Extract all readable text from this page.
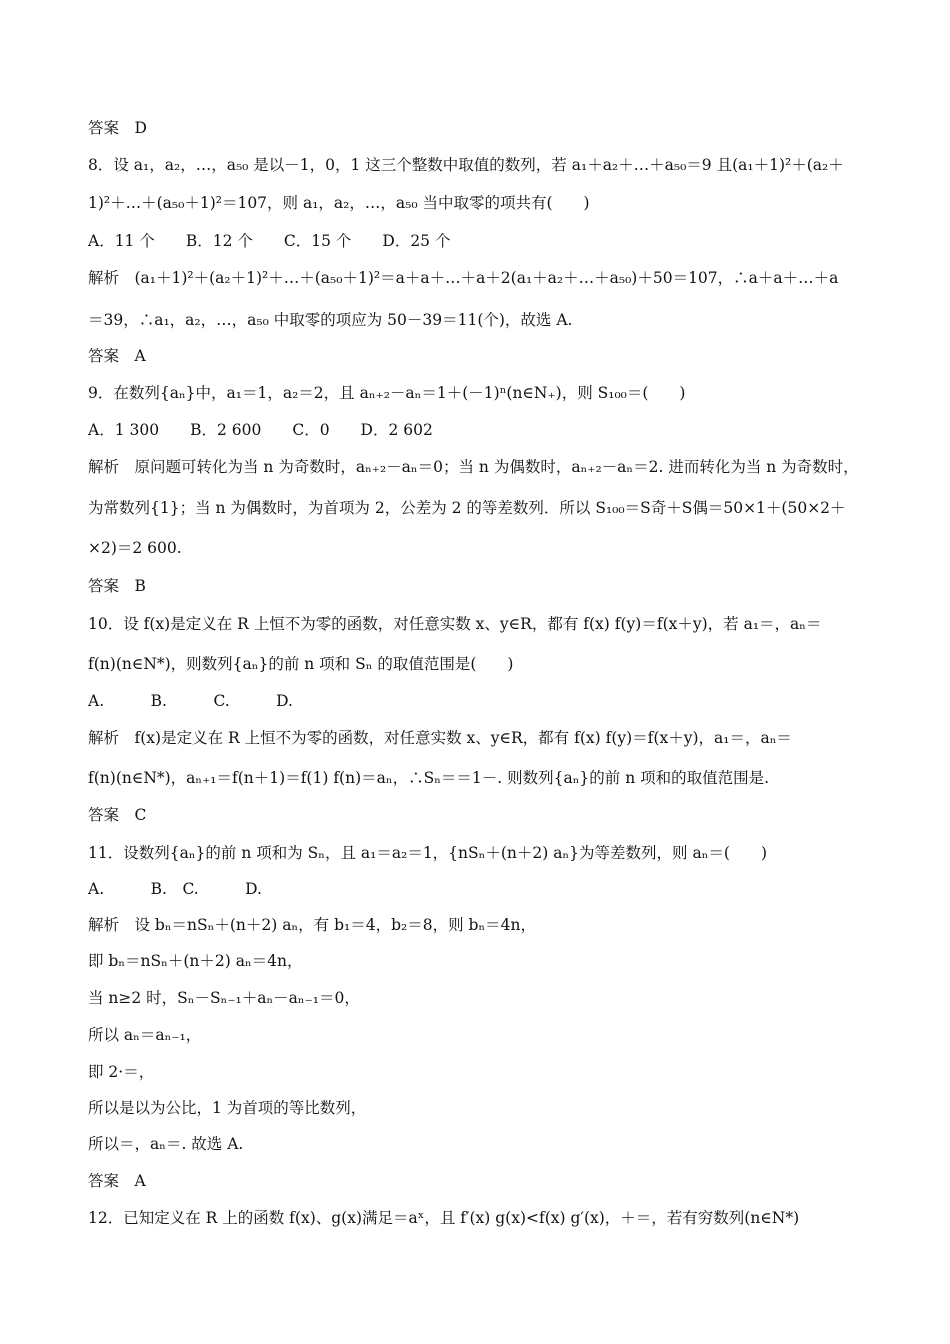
答案　D
8．设 a₁，a₂，…，a₅₀ 是以－1，0，1 这三个整数中取值的数列，若 a₁＋a₂＋…＋a₅₀＝9 且(a₁＋1)²＋(a₂＋
1)²＋…＋(a₅₀＋1)²＝107，则 a₁，a₂，…，a₅₀ 当中取零的项共有(　　)
A．11 个　　B．12 个　　C．15 个　　D．25 个
解析　(a₁＋1)²＋(a₂＋1)²＋…＋(a₅₀＋1)²＝a＋a＋…＋a＋2(a₁＋a₂＋…＋a₅₀)＋50＝107，∴a＋a＋…＋a
＝39，∴a₁，a₂，…，a₅₀ 中取零的项应为 50－39＝11(个)，故选 A.
答案　A
9．在数列{aₙ}中，a₁＝1，a₂＝2，且 aₙ₊₂－aₙ＝1＋(－1)ⁿ(n∈N₊)，则 S₁₀₀＝(　　)
A．1 300　　B．2 600　　C．0　　D．2 602
解析　原问题可转化为当 n 为奇数时，aₙ₊₂－aₙ＝0；当 n 为偶数时，aₙ₊₂－aₙ＝2. 进而转化为当 n 为奇数时，
为常数列{1}；当 n 为偶数时，为首项为 2，公差为 2 的等差数列．所以 S₁₀₀＝S奇＋S偶＝50×1＋(50×2＋
×2)＝2 600.
答案　B
10．设 f(x)是定义在 R 上恒不为零的函数，对任意实数 x、y∈R，都有 f(x) f(y)＝f(x＋y)，若 a₁＝，aₙ＝
f(n)(n∈N*)，则数列{aₙ}的前 n 项和 Sₙ 的取值范围是(　　)
A.　　　B.　　　C.　　　D.
解析　f(x)是定义在 R 上恒不为零的函数，对任意实数 x、y∈R，都有 f(x) f(y)＝f(x＋y)，a₁＝，aₙ＝
f(n)(n∈N*)，aₙ₊₁＝f(n＋1)＝f(1) f(n)＝aₙ，∴Sₙ＝＝1－. 则数列{aₙ}的前 n 项和的取值范围是.
答案　C
11．设数列{aₙ}的前 n 项和为 Sₙ，且 a₁＝a₂＝1，{nSₙ＋(n＋2) aₙ}为等差数列，则 aₙ＝(　　)
A.　　　B.　C.　　　D.
解析　设 bₙ＝nSₙ＋(n＋2) aₙ，有 b₁＝4，b₂＝8，则 bₙ＝4n，
即 bₙ＝nSₙ＋(n＋2) aₙ＝4n，
当 n≥2 时，Sₙ－Sₙ₋₁＋aₙ－aₙ₋₁＝0，
所以 aₙ＝aₙ₋₁，
即 2·＝，
所以是以为公比，1 为首项的等比数列，
所以＝，aₙ＝. 故选 A.
答案　A
12．已知定义在 R 上的函数 f(x)、g(x)满足＝aˣ，且 f′(x) g(x)<f(x) g′(x)，＋＝，若有穷数列(n∈N*)
